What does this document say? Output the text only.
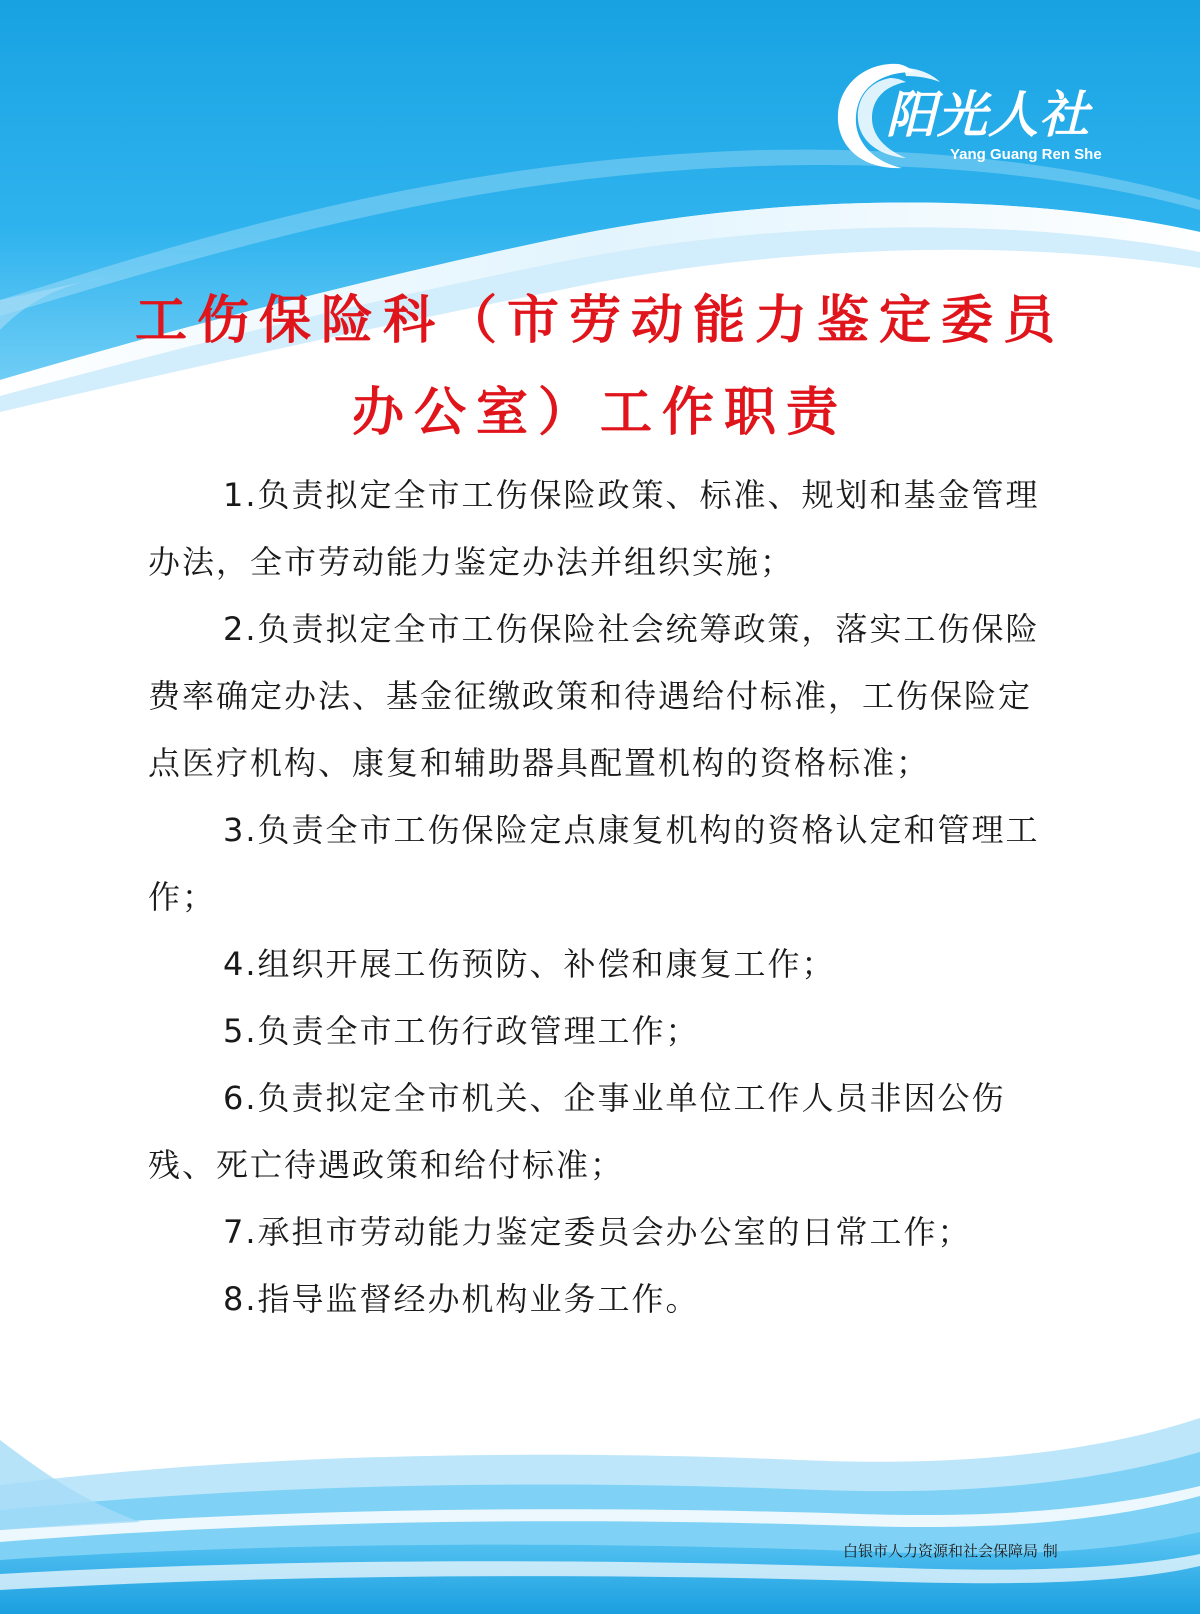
阳光人社
Yang Guang Ren She
工伤保险科（市劳动能力鉴定委员
办公室）工作职责
1.负责拟定全市工伤保险政策、标准、规划和基金管理办法，全市劳动能力鉴定办法并组织实施；
2.负责拟定全市工伤保险社会统筹政策，落实工伤保险费率确定办法、基金征缴政策和待遇给付标准，工伤保险定点医疗机构、康复和辅助器具配置机构的资格标准；
3.负责全市工伤保险定点康复机构的资格认定和管理工作；
4.组织开展工伤预防、补偿和康复工作；
5.负责全市工伤行政管理工作；
6.负责拟定全市机关、企事业单位工作人员非因公伤残、死亡待遇政策和给付标准；
7.承担市劳动能力鉴定委员会办公室的日常工作；
8.指导监督经办机构业务工作。
白银市人力资源和社会保障局 制
